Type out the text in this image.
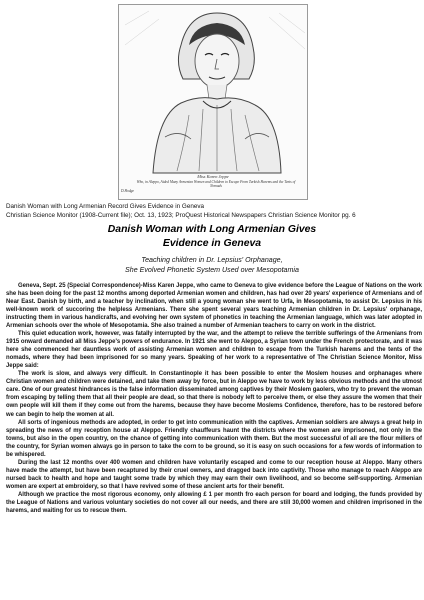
Miss Karen Jeppe
Who, in Aleppo, Aided Many Armenian Women and Children to Escape From Turkish Harems and the Tents of Nomads
D.Hodge
Danish Woman with Long Armenian Record Gives Evidence in Geneva
Christian Science Monitor (1908-Current file); Oct. 13, 1923; ProQuest Historical Newspapers Christian Science Monitor pg. 6
Danish Woman with Long Armenian Gives
Evidence in Geneva
Teaching children in Dr. Lepsius' Orphanage,
She Evolved Phonetic System Used over Mesopotamia

Geneva, Sept. 25 (Special Correspondence)-Miss Karen Jeppe, who came to Geneva to give evidence before the League of Nations on the work she has been doing for the past 12 months among deported Armenian women and children, has had over 20 years' experience of Armenians and of Near East. Danish by birth, and a teacher by inclination, when still a young woman she went to Urfa, in Mesopotamia, to assist Dr. Lepsius in his well-known work of succoring the helpless Armenians. There she spent several years teaching Armenian children in Dr. Lepsius' orphanage, instructing them in various handicrafts, and evolving her own system of phonetics in teaching the Armenian language, which was later adopted in Armenian schools over the whole of Mesopotamia. She also trained a number of Armenian teachers to carry on work in the district.

This quiet education work, however, was fatally interrupted by the war, and the attempt to relieve the terrible sufferings of the Armenians from 1915 onward demanded all Miss Jeppe's powers of endurance. In 1921 she went to Aleppo, a Syrian town under the French protectorate, and it was here she commenced her dauntless work of assisting Armenian women and children to escape from the Turkish harems and the tents of the nomads, where they had been imprisoned for so many years. Speaking of her work to a representative of The Christian Science Monitor, Miss Jeppe said:

The work is slow, and always very difficult. In Constantinople it has been possible to enter the Moslem houses and orphanages where Christian women and children were detained, and take them away by force, but in Aleppo we have to work by less obvious methods and the utmost care. One of our greatest hindrances is the false information disseminated among captives by their Moslem gaolers, who try to prevent the woman from escaping by telling them that all their people are dead, so that there is nobody left to perceive them, or else they assure the women that their own people will kill them if they come out from the harems, because they have become Moslems Confidence, therefore, has to be restored before we can begin to help the women at all.

All sorts of ingenious methods are adopted, in order to get into communication with the captives. Armenian soldiers are always a great help in spreading the news of my reception house at Aleppo. Friendly chauffeurs haunt the districts where the women are imprisoned, not only in the towns, but also in the open country, on the chance of getting into communication with them. But the most successful of all are the flour millers of the country, for Syrian women always go in person to take the corn to be ground, so it is easy on such occasions for a few words of information to be whispered.

During the last 12 months over 400 women and children have voluntarily escaped and come to our reception house at Aleppo. Many others have made the attempt, but have been recaptured by their cruel owners, and dragged back into captivity. Those who manage to reach Aleppo are nursed back to health and hope and taught some trade by which they may earn their own livelihood, and so become self-supporting. Armenian women are expert at embroidery, so that I have revived some of these ancient arts for their benefit.

Although we practice the most rigorous economy, only allowing £ 1 per month fro each person for board and lodging, the funds provided by the League of Nations and various voluntary societies do not cover all our needs, and there are still 30,000 women and children imprisoned in the harems, and waiting for us to rescue them.
